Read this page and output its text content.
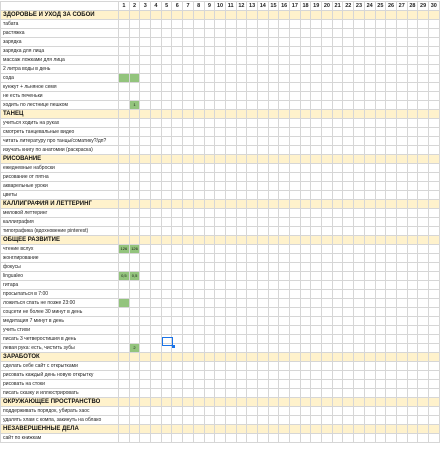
	1	2	3	4	5	6	7	8	9	10	11	12	13	14	15	16	17	18	19	20	21	22	23	24	25	26	27	28	29	30
ЗДОРОВЬЕ И УХОД ЗА СОБОЙ																														
табата																														
растяжка																														
зарядка																														
зарядка для лица																														
массаж ложками для лица																														
2 литра воды в день																														
сода																														
кунжут + льняное семя																														
не есть печеньки																														
ходить по лестнице пешком		1																												
ТАНЕЦ																														
учиться ходить на руках																														
смотреть танцевальные видео																														
читать литературу про танцы/соматику?/дп?																														
изучать книгу по анатомии (раскраска)																														
РИСОВАНИЕ																														
ежедневные наброски																														
рисование от пятна																														
акварельные уроки																														
цветы																														
КАЛЛИГРАФИЯ И ЛЕТТЕРИНГ																														
меловой леттеринг																														
каллиграфия																														
типографика (вдохновение pinterest)																														
ОБЩЕЕ РАЗВИТИЕ																														
чтение вслух	126	126																												
жонглирование																														
фокусы																														
lingualeo	0,5	0,5																												
гитара																														
просыпаться в 7:00																														
ложиться спать не позже 23:00																														
соцсети не более 30 минут в день																														
медитация 7 минут в день																														
учить стихи																														
писать 3 четверостишия в день																														
левая рука: есть, чистить зубы		2																												
ЗАРАБОТОК																														
сделать себе сайт с открытками																														
рисовать каждый день новую открытку																														
рисовать на стоки																														
писать сказку и иллюстрировать																														
ОКРУЖАЮЩЕЕ ПРОСТРАНСТВО																														
поддерживать порядок, убирать хаос																														
удалять хлам с компа, закинуть на облако																														
НЕЗАВЕРШЕННЫЕ ДЕЛА																														
сайт по книжкам																														
